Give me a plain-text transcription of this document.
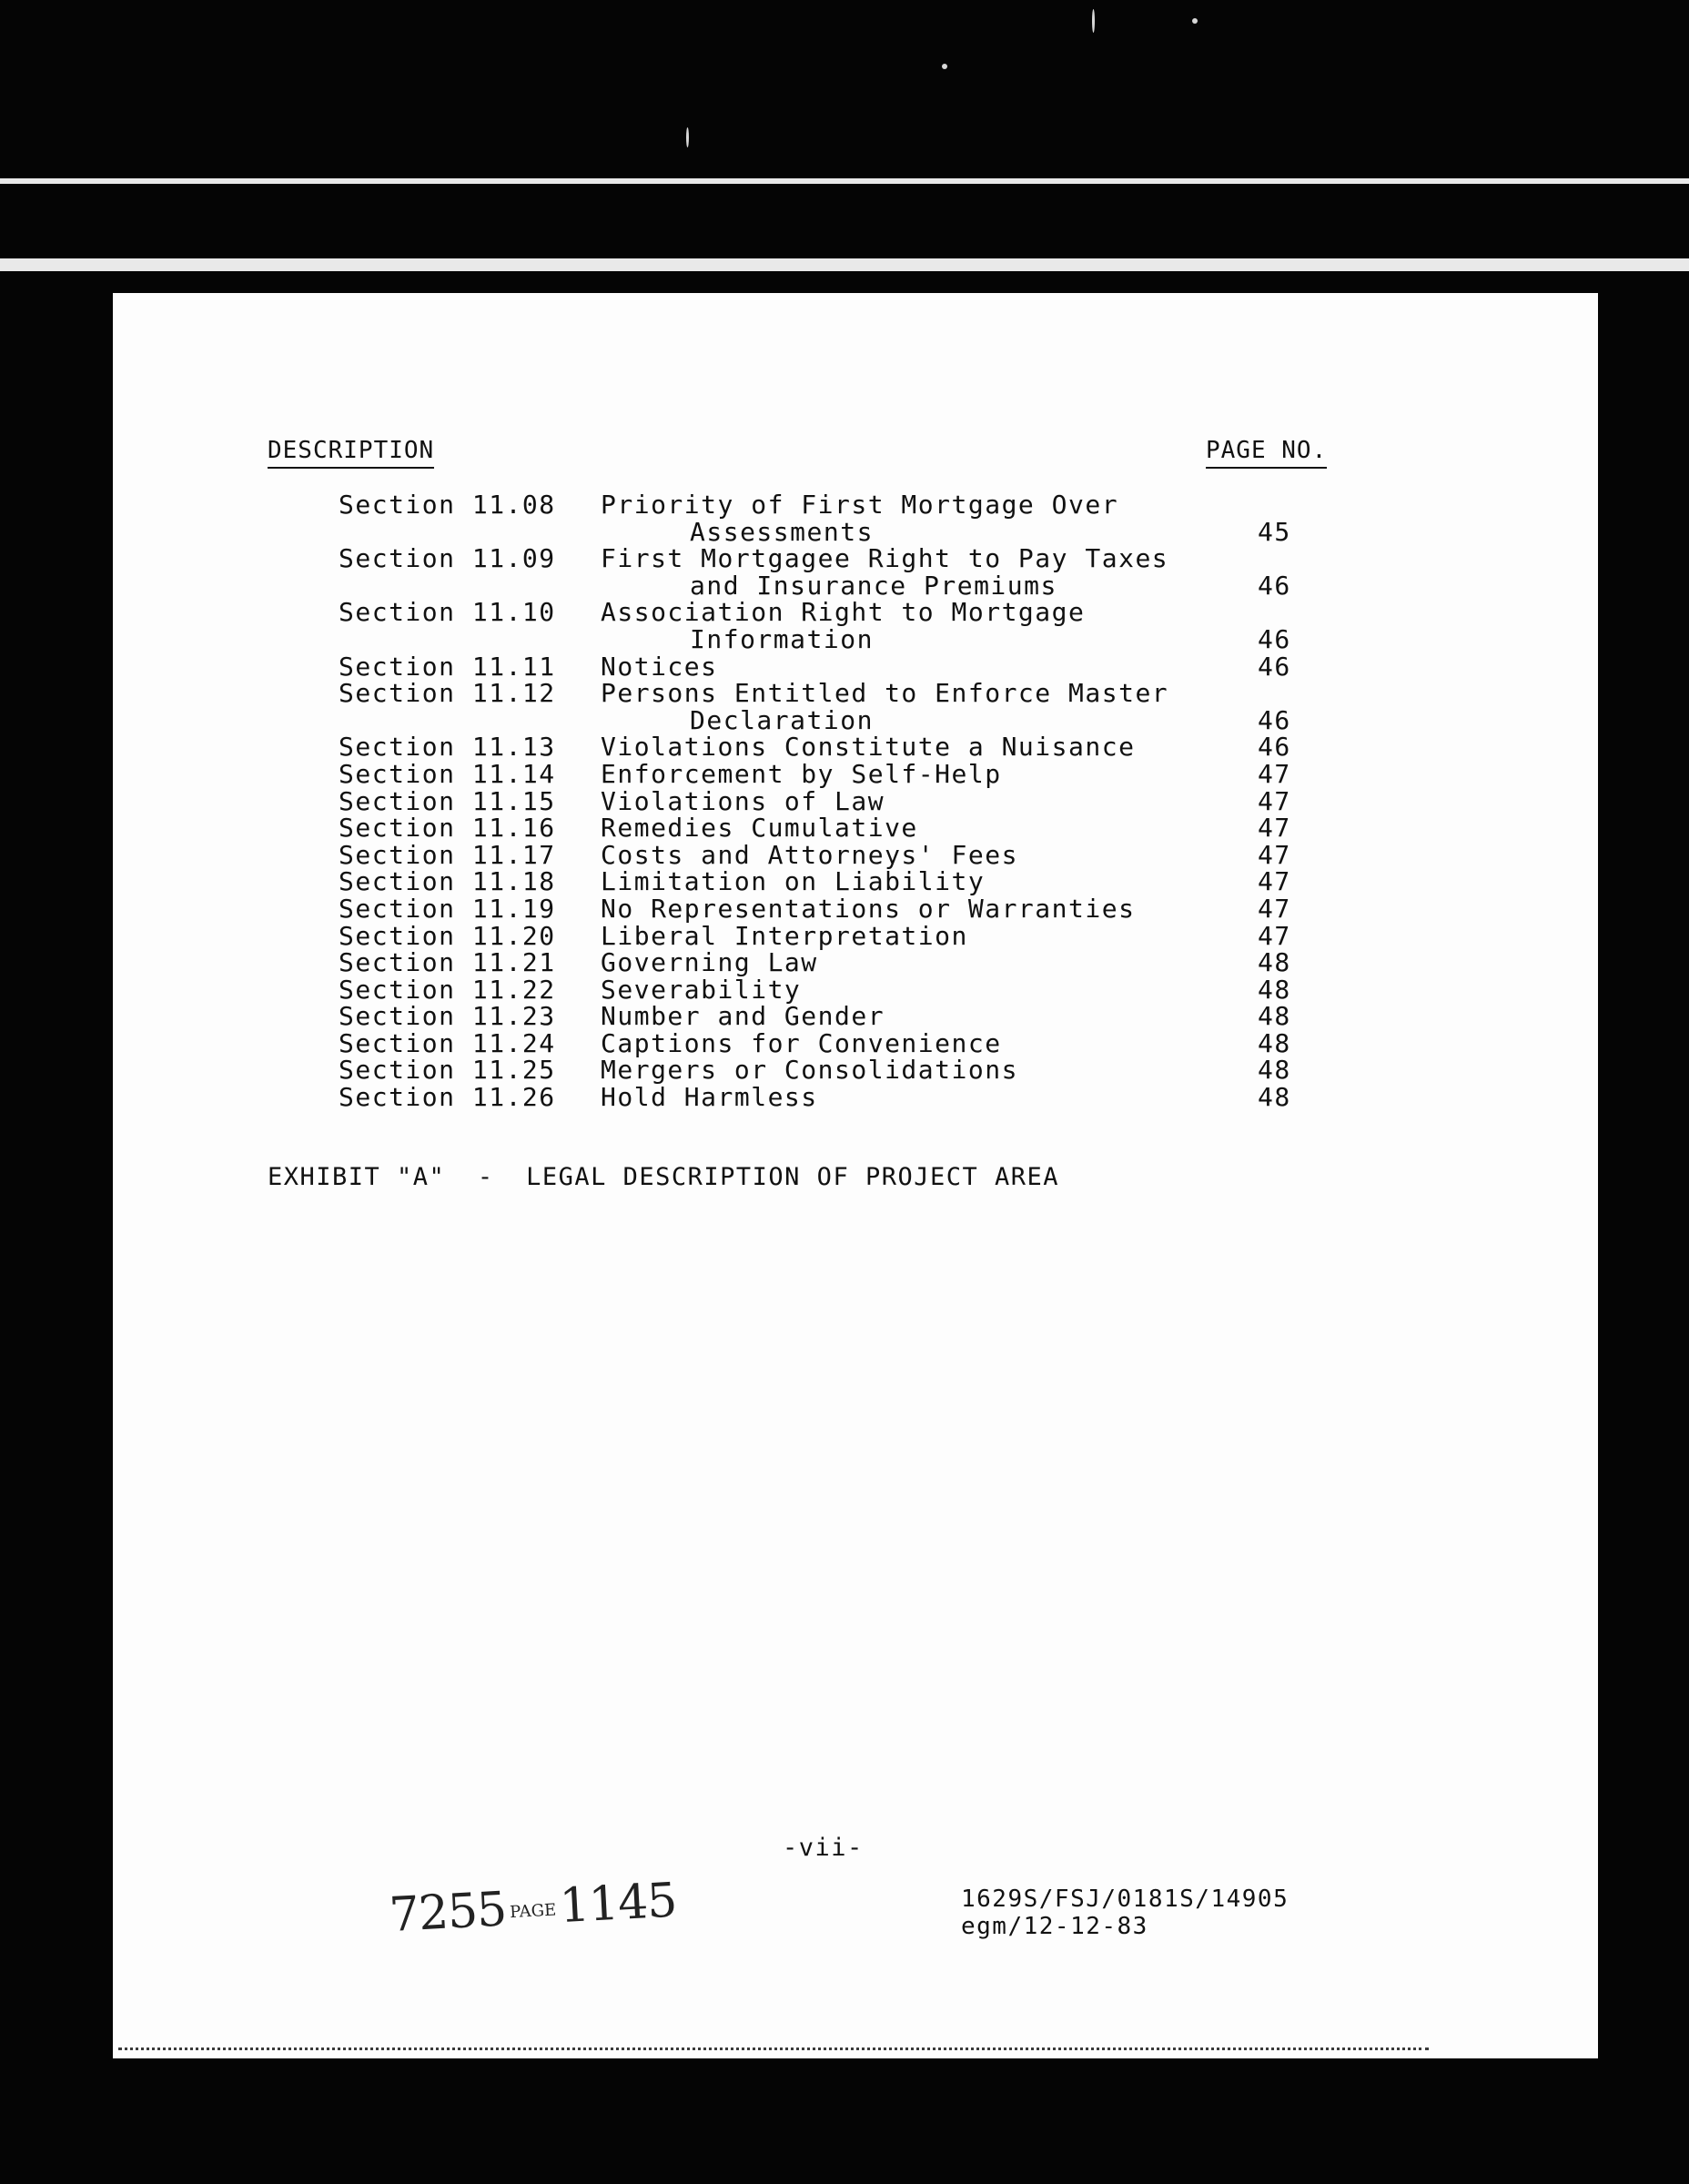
DESCRIPTION	PAGE NO.
Section 11.08 Priority of First Mortgage Over
Assessments	45
Section 11.09 First Mortgagee Right to Pay Taxes
and Insurance Premiums	46
Section 11.10 Association Right to Mortgage
Information	46
Section 11.11 Notices	46
Section 11.12 Persons Entitled to Enforce Master
Declaration	46
Section 11.13 Violations Constitute a Nuisance	46
Section 11.14 Enforcement by Self-Help	47
Section 11.15 Violations of Law	47
Section 11.16 Remedies Cumulative	47
Section 11.17 Costs and Attorneys' Fees	47
Section 11.18 Limitation on Liability	47
Section 11.19 No Representations or Warranties	47
Section 11.20 Liberal Interpretation	47
Section 11.21 Governing Law	48
Section 11.22 Severability	48
Section 11.23 Number and Gender	48
Section 11.24 Captions for Convenience	48
Section 11.25 Mergers or Consolidations	48
Section 11.26 Hold Harmless	48
EXHIBIT "A"  -  LEGAL DESCRIPTION OF PROJECT AREA
-vii-
7255 PAGE1145	1629S/FSJ/0181S/14905
egm/12-12-83
